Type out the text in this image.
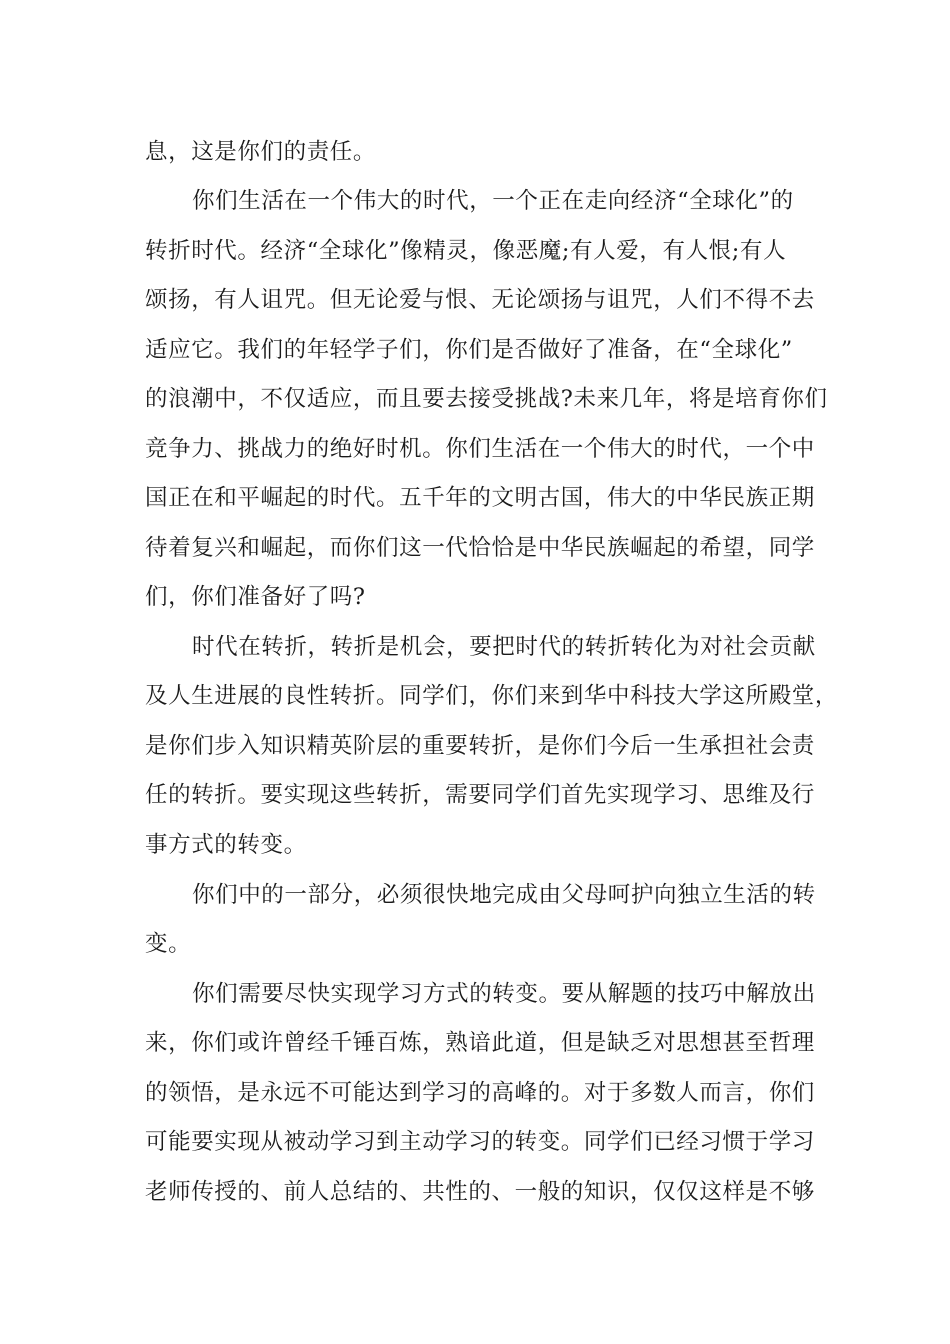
息，这是你们的责任。
你们生活在一个伟大的时代，一个正在走向经济“全球化”的
转折时代。经济“全球化”像精灵，像恶魔;有人爱，有人恨;有人
颂扬，有人诅咒。但无论爱与恨、无论颂扬与诅咒，人们不得不去
适应它。我们的年轻学子们，你们是否做好了准备，在“全球化”
的浪潮中，不仅适应，而且要去接受挑战?未来几年，将是培育你们
竞争力、挑战力的绝好时机。你们生活在一个伟大的时代，一个中
国正在和平崛起的时代。五千年的文明古国，伟大的中华民族正期
待着复兴和崛起，而你们这一代恰恰是中华民族崛起的希望，同学
们，你们准备好了吗?
时代在转折，转折是机会，要把时代的转折转化为对社会贡献
及人生进展的良性转折。同学们，你们来到华中科技大学这所殿堂，
是你们步入知识精英阶层的重要转折，是你们今后一生承担社会责
任的转折。要实现这些转折，需要同学们首先实现学习、思维及行
事方式的转变。
你们中的一部分，必须很快地完成由父母呵护向独立生活的转
变。
你们需要尽快实现学习方式的转变。要从解题的技巧中解放出
来，你们或许曾经千锤百炼，熟谙此道，但是缺乏对思想甚至哲理
的领悟，是永远不可能达到学习的高峰的。对于多数人而言，你们
可能要实现从被动学习到主动学习的转变。同学们已经习惯于学习
老师传授的、前人总结的、共性的、一般的知识，仅仅这样是不够
